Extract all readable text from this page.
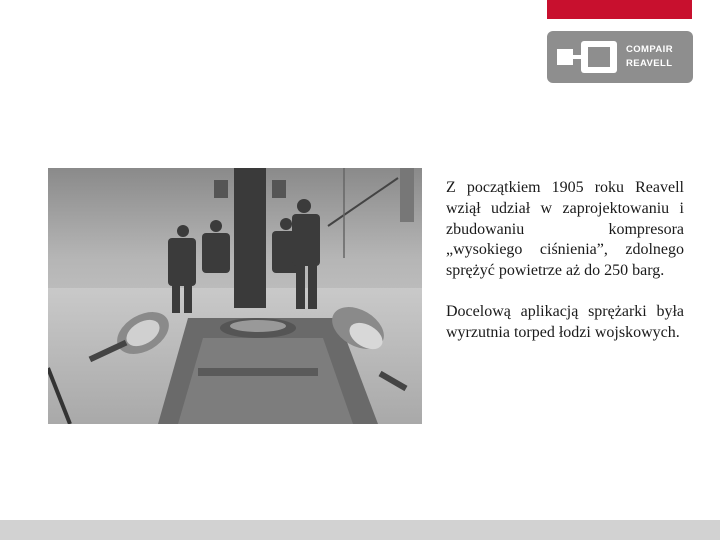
COMPAIR
REAVELL

Z początkiem 1905 roku Reavell wziął udział w zaprojektowaniu i zbudowaniu kompresora „wysokiego ciśnienia”, zdolnego sprężyć powietrze aż do 250 barg.

Docelową aplikacją sprężarki była wyrzutnia torped łodzi wojskowych.
